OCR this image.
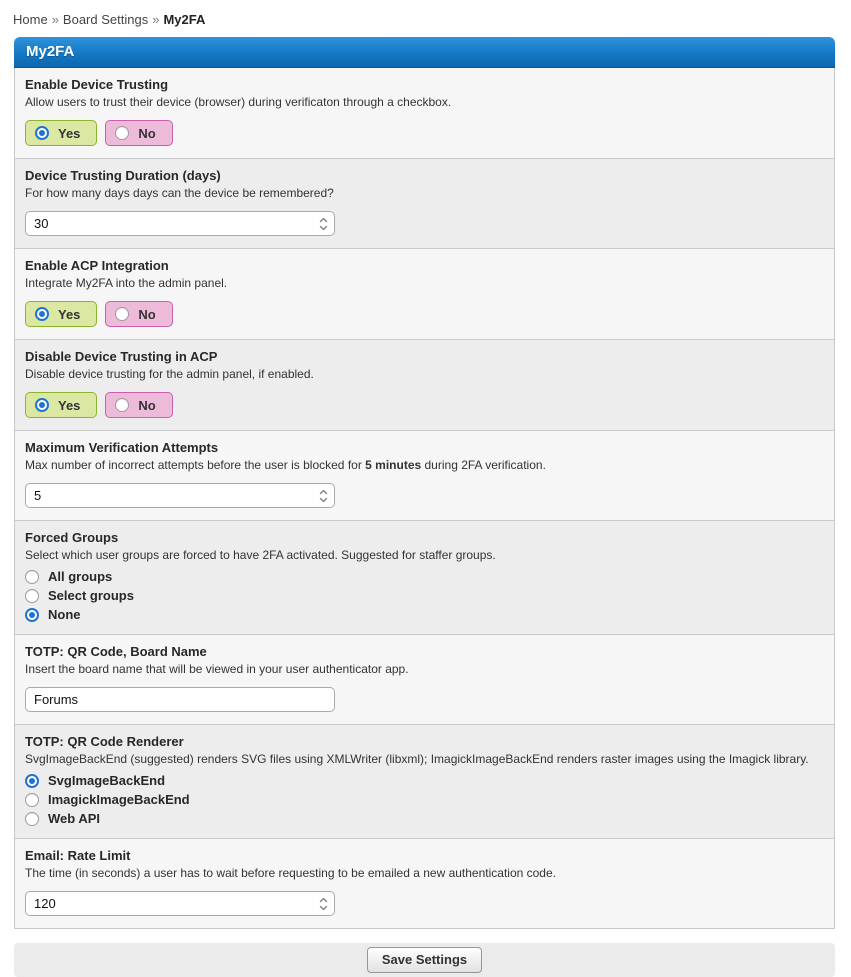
Home » Board Settings » My2FA
My2FA
Enable Device Trusting
Allow users to trust their device (browser) during verificaton through a checkbox.
Yes	No
Device Trusting Duration (days)
For how many days days can the device be remembered?
30
Enable ACP Integration
Integrate My2FA into the admin panel.
Yes	No
Disable Device Trusting in ACP
Disable device trusting for the admin panel, if enabled.
Yes	No
Maximum Verification Attempts
Max number of incorrect attempts before the user is blocked for 5 minutes during 2FA verification.
5
Forced Groups
Select which user groups are forced to have 2FA activated. Suggested for staffer groups.
All groups
Select groups
None
TOTP: QR Code, Board Name
Insert the board name that will be viewed in your user authenticator app.
Forums
TOTP: QR Code Renderer
SvgImageBackEnd (suggested) renders SVG files using XMLWriter (libxml); ImagickImageBackEnd renders raster images using the Imagick library.
SvgImageBackEnd
ImagickImageBackEnd
Web API
Email: Rate Limit
The time (in seconds) a user has to wait before requesting to be emailed a new authentication code.
120
Save Settings
